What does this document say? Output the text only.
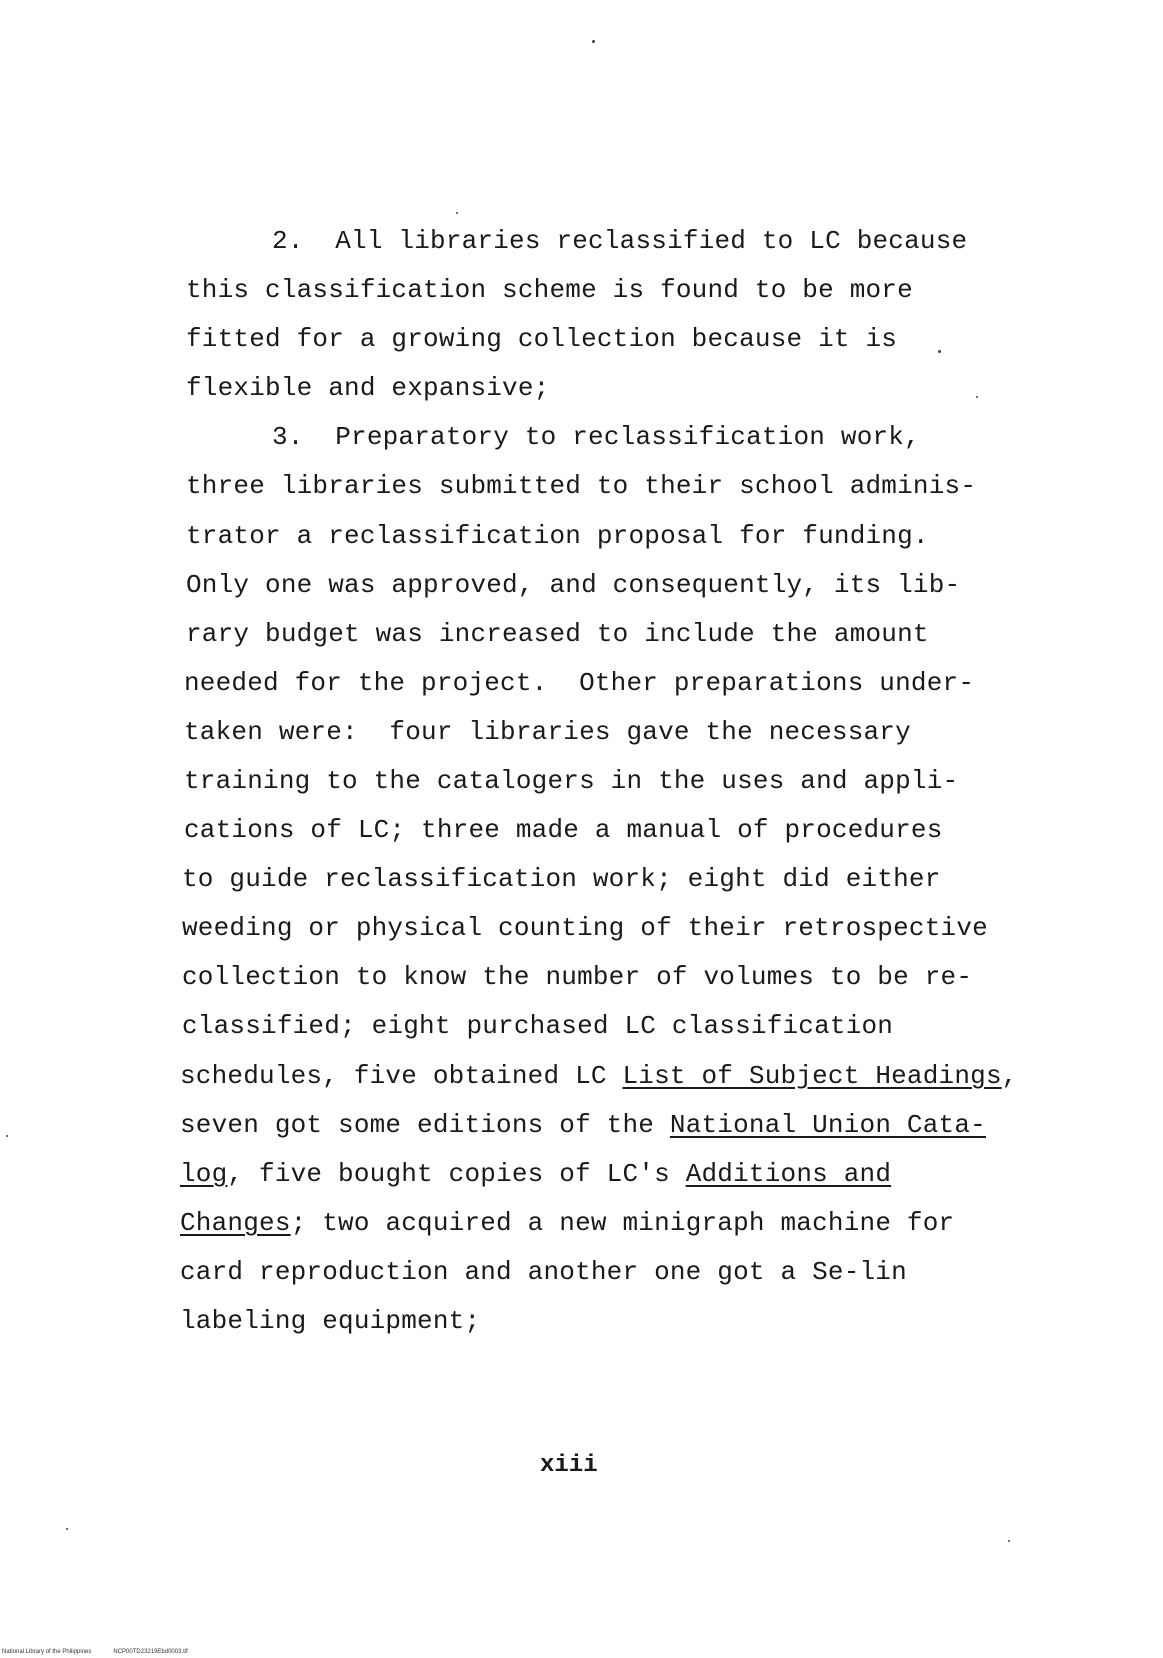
2.  All libraries reclassified to LC because
this classification scheme is found to be more
fitted for a growing collection because it is
flexible and expansive;
3.  Preparatory to reclassification work,
three libraries submitted to their school adminis-
trator a reclassification proposal for funding.
Only one was approved, and consequently, its lib-
rary budget was increased to include the amount
needed for the project.  Other preparations under-
taken were:  four libraries gave the necessary
training to the catalogers in the uses and appli-
cations of LC; three made a manual of procedures
to guide reclassification work; eight did either
weeding or physical counting of their retrospective
collection to know the number of volumes to be re-
classified; eight purchased LC classification
schedules, five obtained LC List of Subject Headings,
seven got some editions of the National Union Cata-
log, five bought copies of LC's Additions and
Changes; two acquired a new minigraph machine for
card reproduction and another one got a Se-lin
labeling equipment;
xiii
National Library of the Philippines	NCP00TD23219Ebd0003.tif
